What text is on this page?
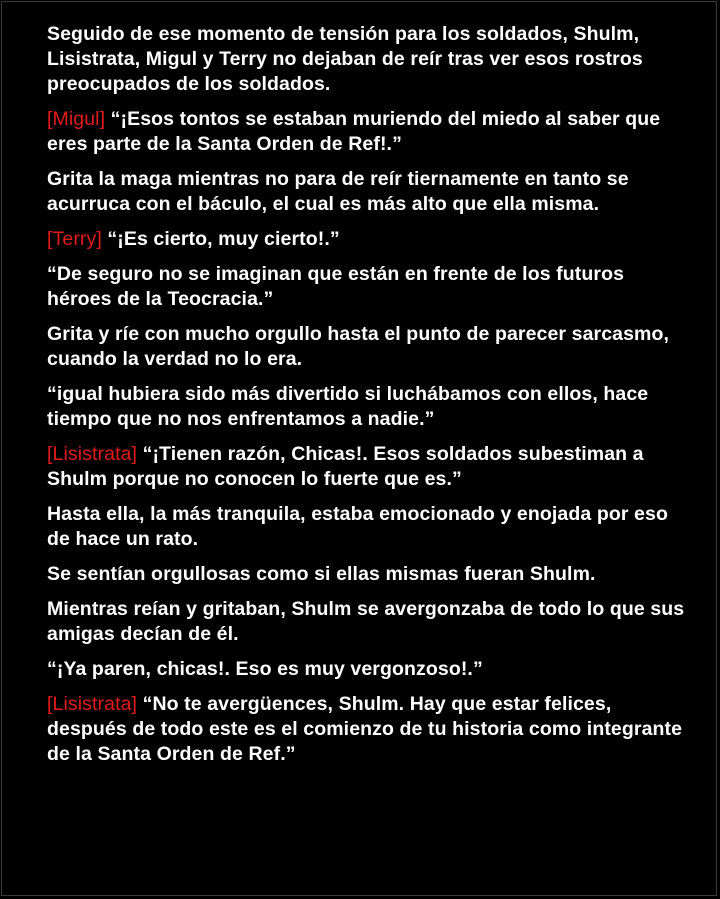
Seguido de ese momento de tensión para los soldados, Shulm, Lisistrata, Migul y Terry no dejaban de reír tras ver esos rostros preocupados de los soldados.

[Migul] “¡Esos tontos se estaban muriendo del miedo al saber que eres parte de la Santa Orden de Ref!.”

Grita la maga mientras no para de reír tiernamente en tanto se acurruca con el báculo, el cual es más alto que ella misma.

[Terry] “¡Es cierto, muy cierto!.”

“De seguro no se imaginan que están en frente de los futuros héroes de la Teocracia.”

Grita y ríe con mucho orgullo hasta el punto de parecer sarcasmo, cuando la verdad no lo era.

“igual hubiera sido más divertido si luchábamos con ellos, hace tiempo que no nos enfrentamos a nadie.”

[Lisistrata] “¡Tienen razón, Chicas!. Esos soldados subestiman a Shulm porque no conocen lo fuerte que es.”

Hasta ella, la más tranquila, estaba emocionado y enojada por eso de hace un rato.

Se sentían orgullosas como si ellas mismas fueran Shulm.

Mientras reían y gritaban, Shulm se avergonzaba de todo lo que sus amigas decían de él.

“¡Ya paren, chicas!. Eso es muy vergonzoso!.”

[Lisistrata] “No te avergüences, Shulm. Hay que estar felices, después de todo este es el comienzo de tu historia como integrante de la Santa Orden de Ref.”
